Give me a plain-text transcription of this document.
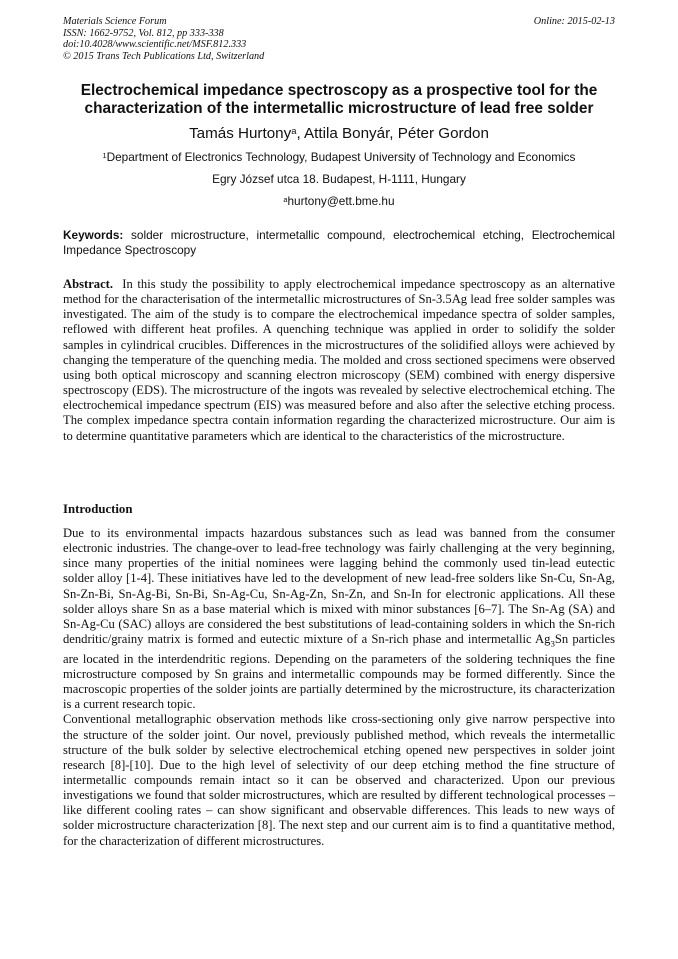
Materials Science Forum
ISSN: 1662-9752, Vol. 812, pp 333-338
doi:10.4028/www.scientific.net/MSF.812.333
© 2015 Trans Tech Publications Ltd, Switzerland
Online: 2015-02-13
Electrochemical impedance spectroscopy as a prospective tool for the
characterization of the intermetallic microstructure of lead free solder
Tamás Hurtony$^a$, Attila Bonyár, Péter Gordon
$^1$Department of Electronics Technology, Budapest University of Technology and Economics
Egry József utca 18. Budapest, H-1111, Hungary
$^a$hurtony@ett.bme.hu
Keywords: solder microstructure, intermetallic compound, electrochemical etching, Electrochemical Impedance Spectroscopy

Abstract. In this study the possibility to apply electrochemical impedance spectroscopy as an alternative method for the characterisation of the intermetallic microstructures of Sn-3.5Ag lead free solder samples was investigated. The aim of the study is to compare the electrochemical impedance spectra of solder samples, reflowed with different heat profiles. A quenching technique was applied in order to solidify the solder samples in cylindrical crucibles. Differences in the microstructures of the solidified alloys were achieved by changing the temperature of the quenching media. The molded and cross sectioned specimens were observed using both optical microscopy and scanning electron microscopy (SEM) combined with energy dispersive spectroscopy (EDS). The microstructure of the ingots was revealed by selective electrochemical etching. The electrochemical impedance spectrum (EIS) was measured before and also after the selective etching process. The complex impedance spectra contain information regarding the characterized microstructure. Our aim is to determine quantitative parameters which are identical to the characteristics of the microstructure.

Introduction

Due to its environmental impacts hazardous substances such as lead was banned from the consumer electronic industries. The change-over to lead-free technology was fairly challenging at the very beginning, since many properties of the initial nominees were lagging behind the commonly used tin-lead eutectic solder alloy [1-4]. These initiatives have led to the development of new lead-free solders like Sn-Cu, Sn-Ag, Sn-Zn-Bi, Sn-Ag-Bi, Sn-Bi, Sn-Ag-Cu, Sn-Ag-Zn, Sn-Zn, and Sn-In for electronic applications. All these solder alloys share Sn as a base material which is mixed with minor substances [6–7]. The Sn-Ag (SA) and Sn-Ag-Cu (SAC) alloys are considered the best substitutions of lead-containing solders in which the Sn-rich dendritic/grainy matrix is formed and eutectic mixture of a Sn-rich phase and intermetallic $Ag_3Sn$ particles are located in the interdendritic regions. Depending on the parameters of the soldering techniques the fine microstructure composed by Sn grains and intermetallic compounds may be formed differently. Since the macroscopic properties of the solder joints are partially determined by the microstructure, its characterization is a current research topic.

Conventional metallographic observation methods like cross-sectioning only give narrow perspective into the structure of the solder joint. Our novel, previously published method, which reveals the intermetallic structure of the bulk solder by selective electrochemical etching opened new perspectives in solder joint research [8]-[10]. Due to the high level of selectivity of our deep etching method the fine structure of intermetallic compounds remain intact so it can be observed and characterized. Upon our previous investigations we found that solder microstructures, which are resulted by different technological processes – like different cooling rates – can show significant and observable differences. This leads to new ways of solder microstructure characterization [8]. The next step and our current aim is to find a quantitative method, for the characterization of different microstructures.
